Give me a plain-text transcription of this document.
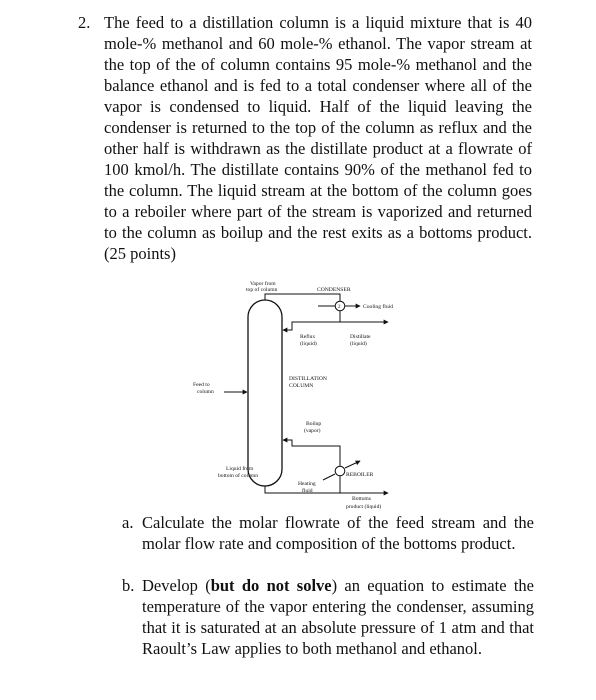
2. The feed to a distillation column is a liquid mixture that is 40 mole-% methanol and 60 mole-% ethanol. The vapor stream at the top of the of column contains 95 mole-% methanol and the balance ethanol and is fed to a total condenser where all of the vapor is condensed to liquid. Half of the liquid leaving the condenser is returned to the top of the column as reflux and the other half is withdrawn as the distillate product at a flowrate of 100 kmol/h. The distillate contains 90% of the methanol fed to the column. The liquid stream at the bottom of the column goes to a reboiler where part of the stream is vaporized and returned to the column as boilup and the rest exits as a bottoms product. (25 points)

Vapor from
top of column	CONDENSER
2	Cooling fluid
Reflux
(liquid)
Distillate
(liquid)
Feed to
column
DISTILLATION
COLUMN
Boilup
(vapor)
Liquid from
bottom of column	REBOILER
Heating
fluid
Bottoms
product (liquid)

a. Calculate the molar flowrate of the feed stream and the molar flow rate and composition of the bottoms product.

b. Develop (but do not solve) an equation to estimate the temperature of the vapor entering the condenser, assuming that it is saturated at an absolute pressure of 1 atm and that Raoult’s Law applies to both methanol and ethanol.
